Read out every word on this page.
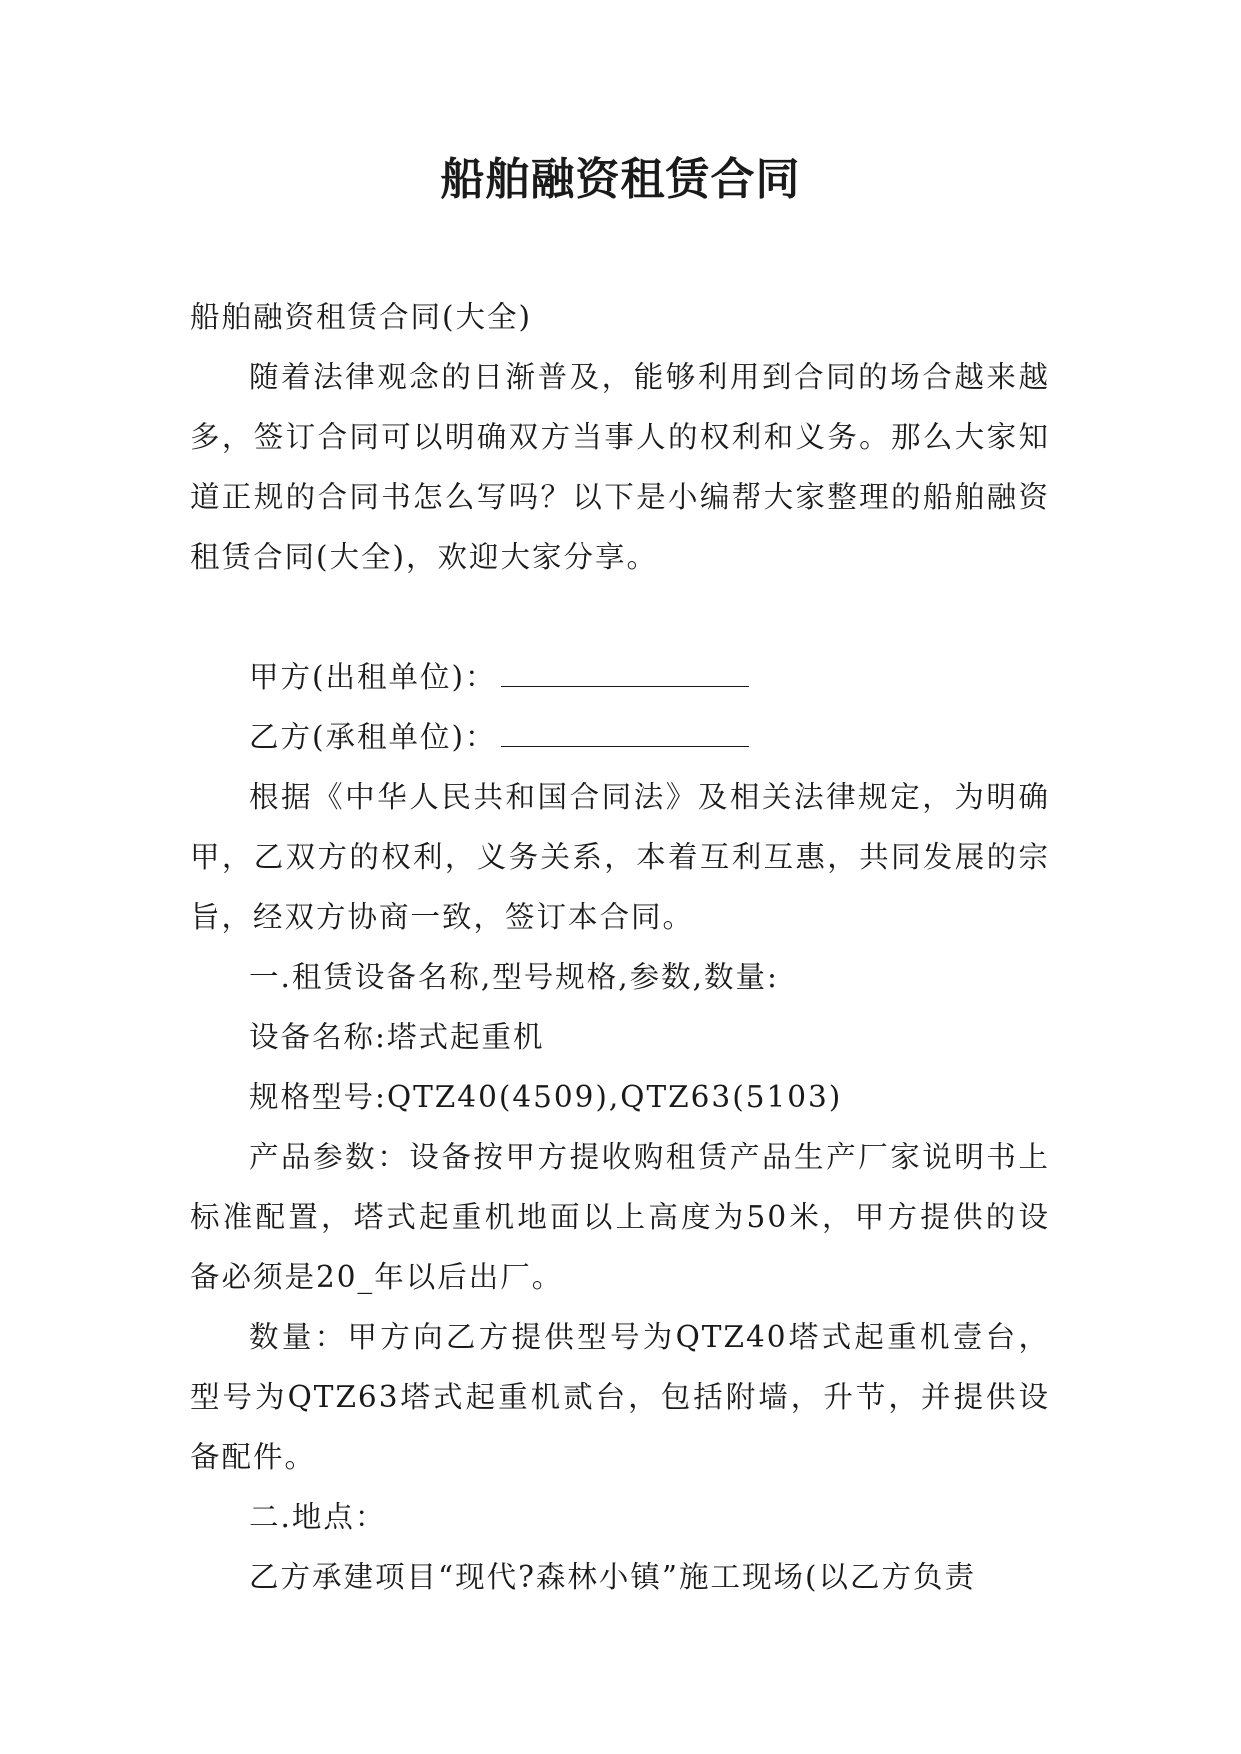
船舶融资租赁合同

船舶融资租赁合同(大全)

随着法律观念的日渐普及，能够利用到合同的场合越来越多，签订合同可以明确双方当事人的权利和义务。那么大家知道正规的合同书怎么写吗？以下是小编帮大家整理的船舶融资租赁合同(大全)，欢迎大家分享。

甲方(出租单位)：

乙方(承租单位)：

根据《中华人民共和国合同法》及相关法律规定，为明确甲，乙双方的权利，义务关系，本着互利互惠，共同发展的宗旨，经双方协商一致，签订本合同。

一.租赁设备名称,型号规格,参数,数量:

设备名称:塔式起重机

规格型号:QTZ40(4509),QTZ63(5103)

产品参数：设备按甲方提收购租赁产品生产厂家说明书上标准配置，塔式起重机地面以上高度为50米，甲方提供的设备必须是20_年以后出厂。

数量：甲方向乙方提供型号为QTZ40塔式起重机壹台，型号为QTZ63塔式起重机贰台，包括附墙，升节，并提供设备配件。

二.地点：

乙方承建项目“现代?森林小镇”施工现场(以乙方负责
